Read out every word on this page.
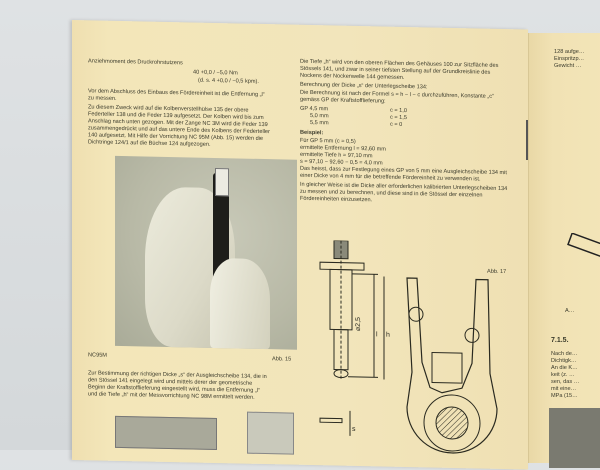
Anziehmoment des Druckrohrstutzens

40 +0,0 / −5,0 Nm

(d. s. 4 +0,0 / −0,5 kpm).

Vor dem Abschluss des Einbaus des Fördereinheit ist die Entfernung „l“ zu messen.

Zu diesem Zweck wird auf die Kolbenverstellhülse 135 der obere Federteller 138 und die Feder 139 aufgesetzt. Der Kolben wird bis zum Anschlag nach unten gezogen. Mit der Zange NC 3M wird die Feder 139 zusammengedrückt und auf das untere Ende des Kolbens der Federteller 140 aufgesetzt. Mit Hilfe der Vorrichtung NC 95M (Abb. 15) werden die Dichtringe 124/1 auf die Büchse 124 aufgezogen.

NC95M
Abb. 15

Zur Bestimmung der richtigen Dicke „s“ der Ausgleichscheibe 134, die in den Stössel 141 eingelegt wird und mittels derer der geometrische Beginn der Kraftstofflieferung eingestellt wird, muss die Entfernung „l“ und die Tiefe „h“ mit der Messvorrichtung NC 98M ermittelt werden.

Die Tiefe „h“ wird von den oberen Flächen des Gehäuses 100 zur Sitzfläche des Stössels 141, und zwar in seiner tiefsten Stellung auf der Grundkreislinie des Nockens der Nockenwelle 144 gemessen.

Berechnung der Dicke „s“ der Unterlegscheibe 134:

Die Berechnung ist nach der Formel s = h − l − c durchzuführen, Konstante „c“ gemäss GP der Kraftstofflieferung:

GP 4,5 mm	c = 1,0
5,0 mm	c = 1,5
5,5 mm	c = 0

Beispiel:

Für GP 5 mm (c = 0,5)
ermittelte Entfernung l = 92,60 mm
ermittelte Tiefe h = 97,10 mm
s = 97,10 − 92,60 − 0,5 = 4,0 mm

Das heisst, dass zur Festlegung eines GP von 5 mm eine Ausgleichscheibe 134 mit einer Dicke von 4 mm für die betreffende Fördereinheit zu verwenden ist.

In gleicher Weise ist die Dicke aller erforderlichen kalibrierten Unterlegscheiben 134 zu messen und zu berechnen, und diese sind in die Stössel der einzelnen Fördereinheiten einzusetzen.

Abb. 17
⌀2,5
l h
s
128 aufge…
Einspritzp…
Gewicht …
A…
7.1.5.
Nach de…
Dichtigk…
An die K…
keit (z. …
sen, das …
mit eine…
MPa (15…
